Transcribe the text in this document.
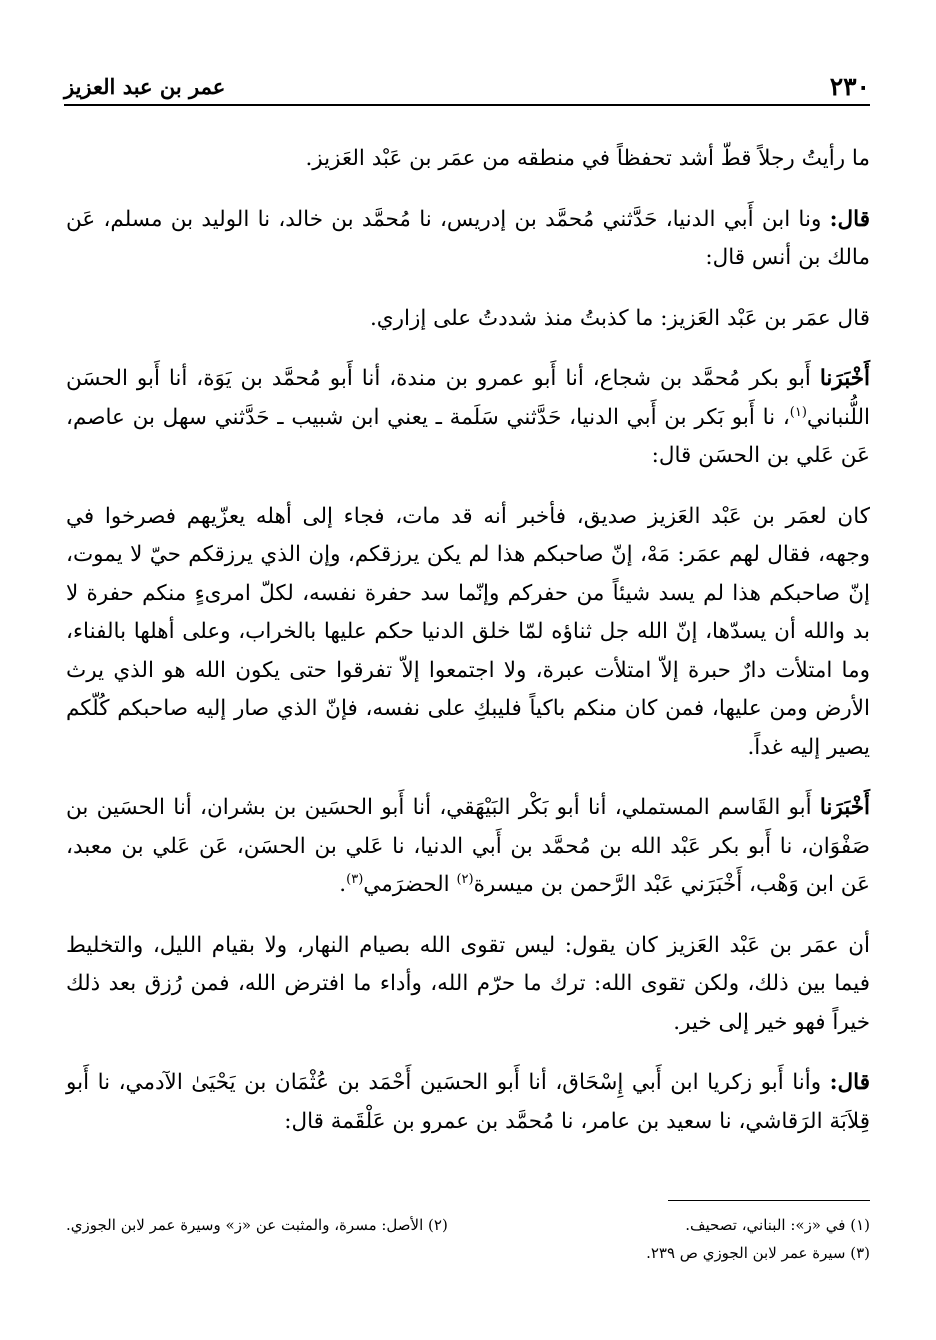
٢٣٠
عمر بن عبد العزيز

ما رأيتُ رجلاً قطّ أشد تحفظاً في منطقه من عمَر بن عَبْد العَزيز.

قال: ونا ابن أَبي الدنيا، حَدَّثني مُحمَّد بن إدريس، نا مُحمَّد بن خالد، نا الوليد بن مسلم، عَن مالك بن أنس قال:

قال عمَر بن عَبْد العَزيز: ما كذبتُ منذ شددتُ على إزاري.

أَخْبَرَنا أَبو بكر مُحمَّد بن شجاع، أنا أَبو عمرو بن مندة، أنا أَبو مُحمَّد بن يَوَة، أنا أَبو الحسَن اللُّنباني$^{(١)}$، نا أَبو بَكر بن أَبي الدنيا، حَدَّثني سَلَمة ـ يعني ابن شبيب ـ حَدَّثني سهل بن عاصم، عَن عَلي بن الحسَن قال:

كان لعمَر بن عَبْد العَزيز صديق، فأخبر أنه قد مات، فجاء إلى أهله يعزّيهم فصرخوا في وجهه، فقال لهم عمَر: مَهْ، إنّ صاحبكم هذا لم يكن يرزقكم، وإن الذي يرزقكم حيّ لا يموت، إنّ صاحبكم هذا لم يسد شيئاً من حفركم وإنّما سد حفرة نفسه، لكلّ امرىءٍ منكم حفرة لا بد والله أن يسدّها، إنّ الله جل ثناؤه لمّا خلق الدنيا حكم عليها بالخراب، وعلى أهلها بالفناء، وما امتلأت دارٌ حبرة إلاّ امتلأت عبرة، ولا اجتمعوا إلاّ تفرقوا حتى يكون الله هو الذي يرث الأرض ومن عليها، فمن كان منكم باكياً فليبكِ على نفسه، فإنّ الذي صار إليه صاحبكم كُلّكم يصير إليه غداً.

أَخْبَرَنا أَبو القَاسم المستملي، أنا أبو بَكْر البَيْهَقي، أنا أَبو الحسَين بن بشران، أنا الحسَين بن صَفْوَان، نا أَبو بكر عَبْد الله بن مُحمَّد بن أَبي الدنيا، نا عَلي بن الحسَن، عَن عَلي بن معبد، عَن ابن وَهْب، أَخْبَرَني عَبْد الرَّحمن بن ميسرة$^{(٢)}$ الحضرَمي$^{(٣)}$.

أن عمَر بن عَبْد العَزيز كان يقول: ليس تقوى الله بصيام النهار، ولا بقيام الليل، والتخليط فيما بين ذلك، ولكن تقوى الله: ترك ما حرّم الله، وأداء ما افترض الله، فمن رُزق بعد ذلك خيراً فهو خير إلى خير.

قال: وأنا أَبو زكريا ابن أَبي إِسْحَاق، أنا أَبو الحسَين أَحْمَد بن عُثْمَان بن يَحْيَىٰ الآدمي، نا أَبو قِلاَبَة الرَقاشي، نا سعيد بن عامر، نا مُحمَّد بن عمرو بن عَلْقَمة قال:

(١) في «ز»: البناني، تصحيف.
(٢) الأصل: مسرة، والمثبت عن «ز» وسيرة عمر لابن الجوزي.
(٣) سيرة عمر لابن الجوزي ص ٢٣٩.
